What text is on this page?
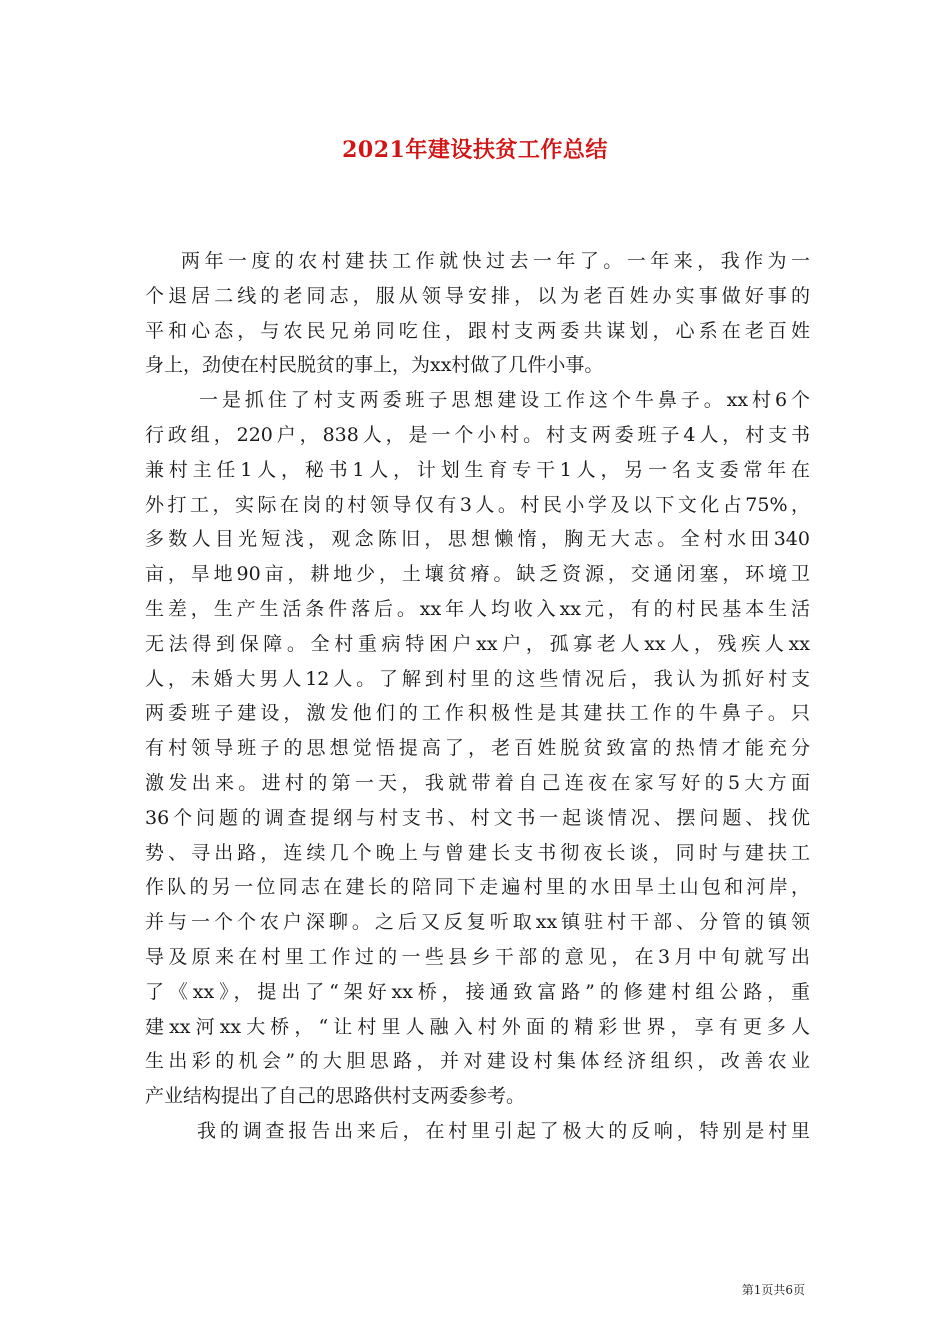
2021年建设扶贫工作总结
两年一度的农村建扶工作就快过去一年了。一年来，我作为一
个退居二线的老同志，服从领导安排，以为老百姓办实事做好事的
平和心态，与农民兄弟同吃住，跟村支两委共谋划，心系在老百姓
身上，劲使在村民脱贫的事上，为xx村做了几件小事。
一是抓住了村支两委班子思想建设工作这个牛鼻子。xx村6个
行政组，220户，838人，是一个小村。村支两委班子4人，村支书
兼村主任1人，秘书1人，计划生育专干1人，另一名支委常年在
外打工，实际在岗的村领导仅有3人。村民小学及以下文化占75%，
多数人目光短浅，观念陈旧，思想懒惰，胸无大志。全村水田340
亩，旱地90亩，耕地少，土壤贫瘠。缺乏资源，交通闭塞，环境卫
生差，生产生活条件落后。xx年人均收入xx元，有的村民基本生活
无法得到保障。全村重病特困户xx户，孤寡老人xx人，残疾人xx
人，未婚大男人12人。了解到村里的这些情况后，我认为抓好村支
两委班子建设，激发他们的工作积极性是其建扶工作的牛鼻子。只
有村领导班子的思想觉悟提高了，老百姓脱贫致富的热情才能充分
激发出来。进村的第一天，我就带着自己连夜在家写好的5大方面
36个问题的调查提纲与村支书、村文书一起谈情况、摆问题、找优
势、寻出路，连续几个晚上与曾建长支书彻夜长谈，同时与建扶工
作队的另一位同志在建长的陪同下走遍村里的水田旱土山包和河岸，
并与一个个农户深聊。之后又反复听取xx镇驻村干部、分管的镇领
导及原来在村里工作过的一些县乡干部的意见，在3月中旬就写出
了《xx》，提出了“架好xx桥，接通致富路”的修建村组公路，重
建xx河xx大桥，“让村里人融入村外面的精彩世界，享有更多人
生出彩的机会”的大胆思路，并对建设村集体经济组织，改善农业
产业结构提出了自己的思路供村支两委参考。
我的调查报告出来后，在村里引起了极大的反响，特别是村里
第1页共6页
